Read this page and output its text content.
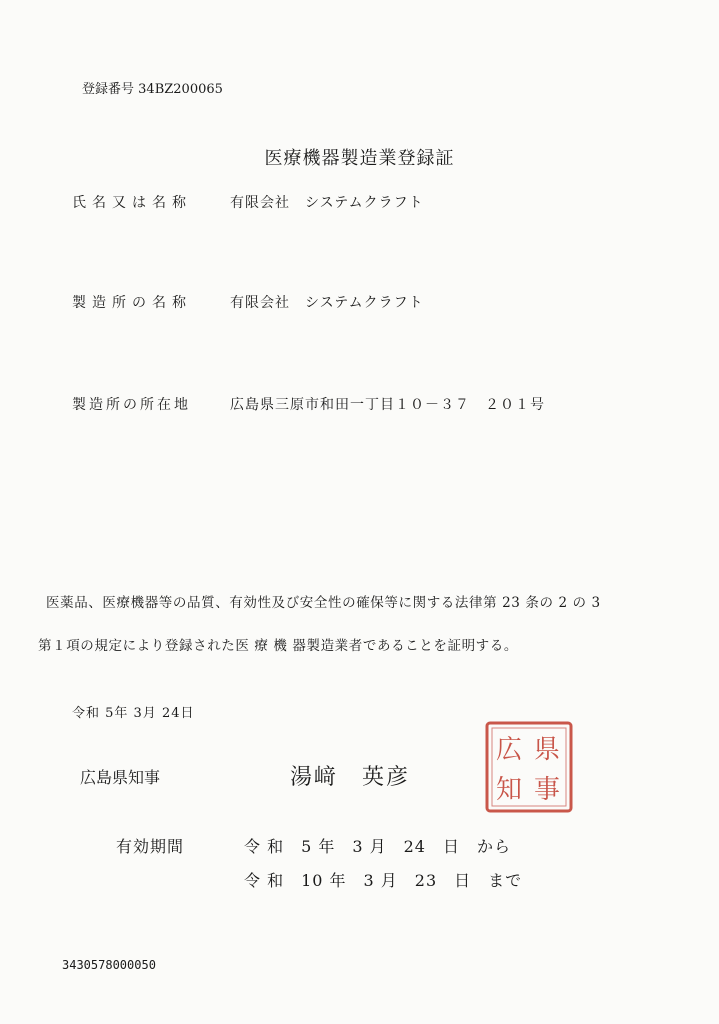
登録番号 34BZ200065
医療機器製造業登録証
氏名又は名称	有限会社　システムクラフト
製造所の名称	有限会社　システムクラフト
製造所の所在地	広島県三原市和田一丁目１０－３７　２０１号
医薬品、医療機器等の品質、有効性及び安全性の確保等に関する法律第 23 条の 2 の 3
第１項の規定により登録された医 療 機 器製造業者であることを証明する。
令和 5年 3月 24日
広島県知事	湯﨑　英彦
県
事
広
知
有効期間	令 和　5 年　3 月　24　日　から
令 和　10 年　3 月　23　日　まで
3430578000050
